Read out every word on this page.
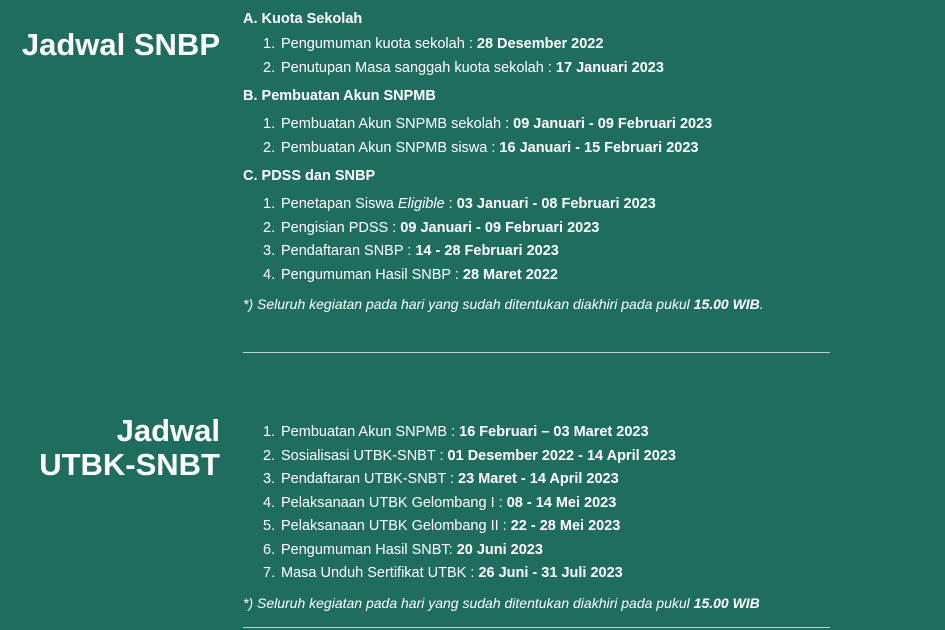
Jadwal SNBP
Jadwal
UTBK-SNBT
A. Kuota Sekolah
1. Pengumuman kuota sekolah : 28 Desember 2022
2. Penutupan Masa sanggah kuota sekolah : 17 Januari 2023
B. Pembuatan Akun SNPMB
1. Pembuatan Akun SNPMB sekolah : 09 Januari - 09 Februari 2023
2. Pembuatan Akun SNPMB siswa : 16 Januari - 15 Februari 2023
C. PDSS dan SNBP
1. Penetapan Siswa Eligible : 03 Januari - 08 Februari 2023
2. Pengisian PDSS : 09 Januari - 09 Februari 2023
3. Pendaftaran SNBP : 14 - 28 Februari 2023
4. Pengumuman Hasil SNBP : 28 Maret 2022
*) Seluruh kegiatan pada hari yang sudah ditentukan diakhiri pada pukul 15.00 WIB.
1. Pembuatan Akun SNPMB : 16 Februari – 03 Maret 2023
2. Sosialisasi UTBK-SNBT : 01 Desember 2022 - 14 April 2023
3. Pendaftaran UTBK-SNBT : 23 Maret - 14 April 2023
4. Pelaksanaan UTBK Gelombang I : 08 - 14 Mei 2023
5. Pelaksanaan UTBK Gelombang II : 22 - 28 Mei 2023
6. Pengumuman Hasil SNBT: 20 Juni 2023
7. Masa Unduh Sertifikat UTBK : 26 Juni - 31 Juli 2023
*) Seluruh kegiatan pada hari yang sudah ditentukan diakhiri pada pukul 15.00 WIB
